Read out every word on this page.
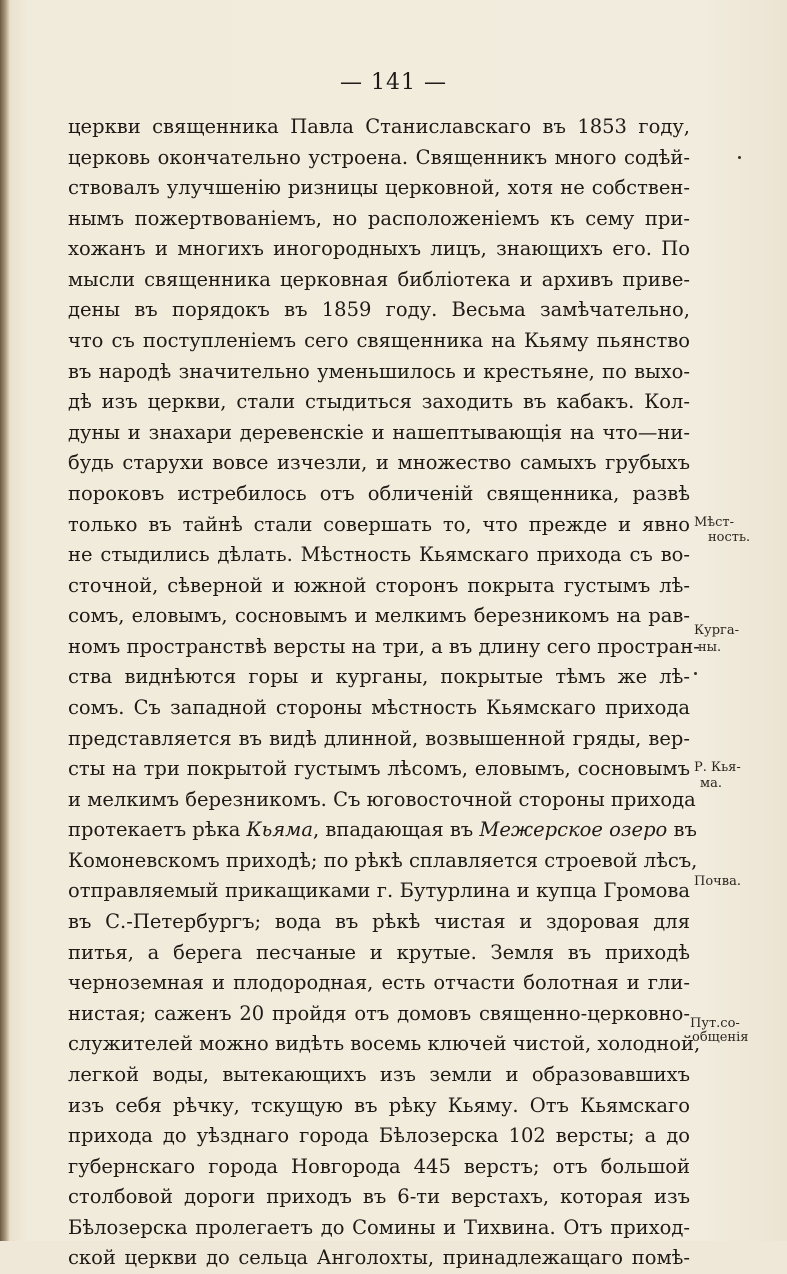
— 141 —
церкви священника Павла Станиславскаго въ 1853 году,
церковь окончательно устроена. Священникъ много содѣй-
ствовалъ улучшенію ризницы церковной, хотя не собствен-
нымъ пожертвованіемъ, но расположеніемъ къ сему при-
хожанъ и многихъ иногородныхъ лицъ, знающихъ его. По
мысли священника церковная библіотека и архивъ приве-
дены въ порядокъ въ 1859 году. Весьма замѣчательно,
что съ поступленіемъ сего священника на Кьяму пьянство
въ народѣ значительно уменьшилось и крестьяне, по выхо-
дѣ изъ церкви, стали стыдиться заходить въ кабакъ. Кол-
дуны и знахари деревенскіе и нашептывающія на что—ни-
будь старухи вовсе изчезли, и множество самыхъ грубыхъ
пороковъ истребилось отъ обличеній священника, развѣ
только въ тайнѣ стали совершать то, что прежде и явно
не стыдились дѣлать. Мѣстность Кьямскаго прихода съ во-
сточной, сѣверной и южной сторонъ покрыта густымъ лѣ-
сомъ, еловымъ, сосновымъ и мелкимъ березникомъ на рав-
номъ пространствѣ версты на три, а въ длину сего простран-
ства виднѣются горы и курганы, покрытые тѣмъ же лѣ-
сомъ. Съ западной стороны мѣстность Кьямскаго прихода
представляется въ видѣ длинной, возвышенной гряды, вер-
сты на три покрытой густымъ лѣсомъ, еловымъ, сосновымъ
и мелкимъ березникомъ. Съ юговосточной стороны прихода
протекаетъ рѣка Кьяма, впадающая въ Межерское озеро въ
Комоневскомъ приходѣ; по рѣкѣ сплавляется строевой лѣсъ,
отправляемый прикащиками г. Бутурлина и купца Громова
въ С.-Петербургъ; вода въ рѣкѣ чистая и здоровая для
питья, а берега песчаные и крутые. Земля въ приходѣ
черноземная и плодородная, есть отчасти болотная и гли-
нистая; саженъ 20 пройдя отъ домовъ священно-церковно-
служителей можно видѣть восемь ключей чистой, холодной,
легкой воды, вытекающихъ изъ земли и образовавшихъ
изъ себя рѣчку, тскущую въ рѣку Кьяму. Отъ Кьямскаго
прихода до уѣзднаго города Бѣлозерска 102 версты; а до
губернскаго города Новгорода 445 верстъ; отъ большой
столбовой дороги приходъ въ 6-ти верстахъ, которая изъ
Бѣлозерска пролегаетъ до Сомины и Тихвина. Отъ приход-
ской церкви до сельца Анголохты, принадлежащаго помѣ-
Мѣст-
ность.
Курга-
ны.
Р. Кья-
ма.
Почва.
Пут.со-
общенія
